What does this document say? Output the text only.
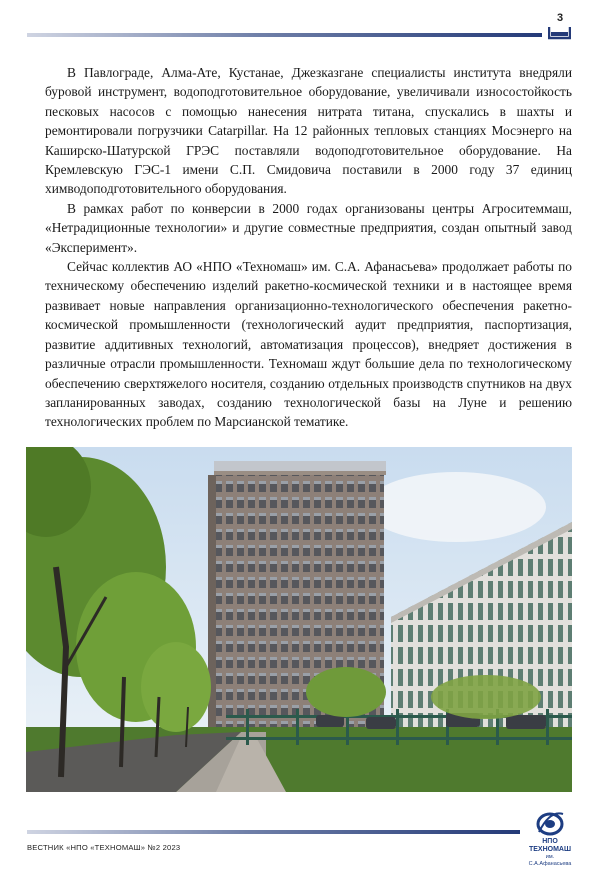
3

В Павлограде, Алма-Ате, Кустанае, Джезказгане специалисты института внедряли буровой инструмент, водоподготовительное оборудование, увеличивали износостойкость песковых насосов с помощью нанесения нитрата титана, спускались в шахты и ремонтировали погрузчики Catarpillar. На 12 районных тепловых станциях Мосэнерго на Каширско-Шатурской ГРЭС поставляли водоподготовительное оборудование. На Кремлевскую ГЭС-1 имени С.П. Смидовича поставили в 2000 году 37 единиц химводоподготовительного оборудования.

В рамках работ по конверсии в 2000 годах организованы центры Агроситеммаш, «Нетрадиционные технологии» и другие совместные предприятия, создан опытный завод «Эксперимент».

Сейчас коллектив АО «НПО «Техномаш» им. С.А. Афанасьева» продолжает работы по техническому обеспечению изделий ракетно-космической техники и в настоящее время развивает новые направления организационно-технологического обеспечения ракетно-космической промышленности (технологический аудит предприятия, паспортизация, развитие аддитивных технологий, автоматизация процессов), внедряет достижения в различные отрасли промышленности. Техномаш ждут большие дела по технологическому обеспечению сверхтяжелого носителя, созданию отдельных производств спутников на двух запланированных заводах, созданию технологической базы на Луне и решению технологических проблем по Марсианской тематике.

ВЕСТНИК «НПО «ТЕХНОМАШ» №2 2023
НПО ТЕХНОМАШ
им. С.А.Афанасьева
